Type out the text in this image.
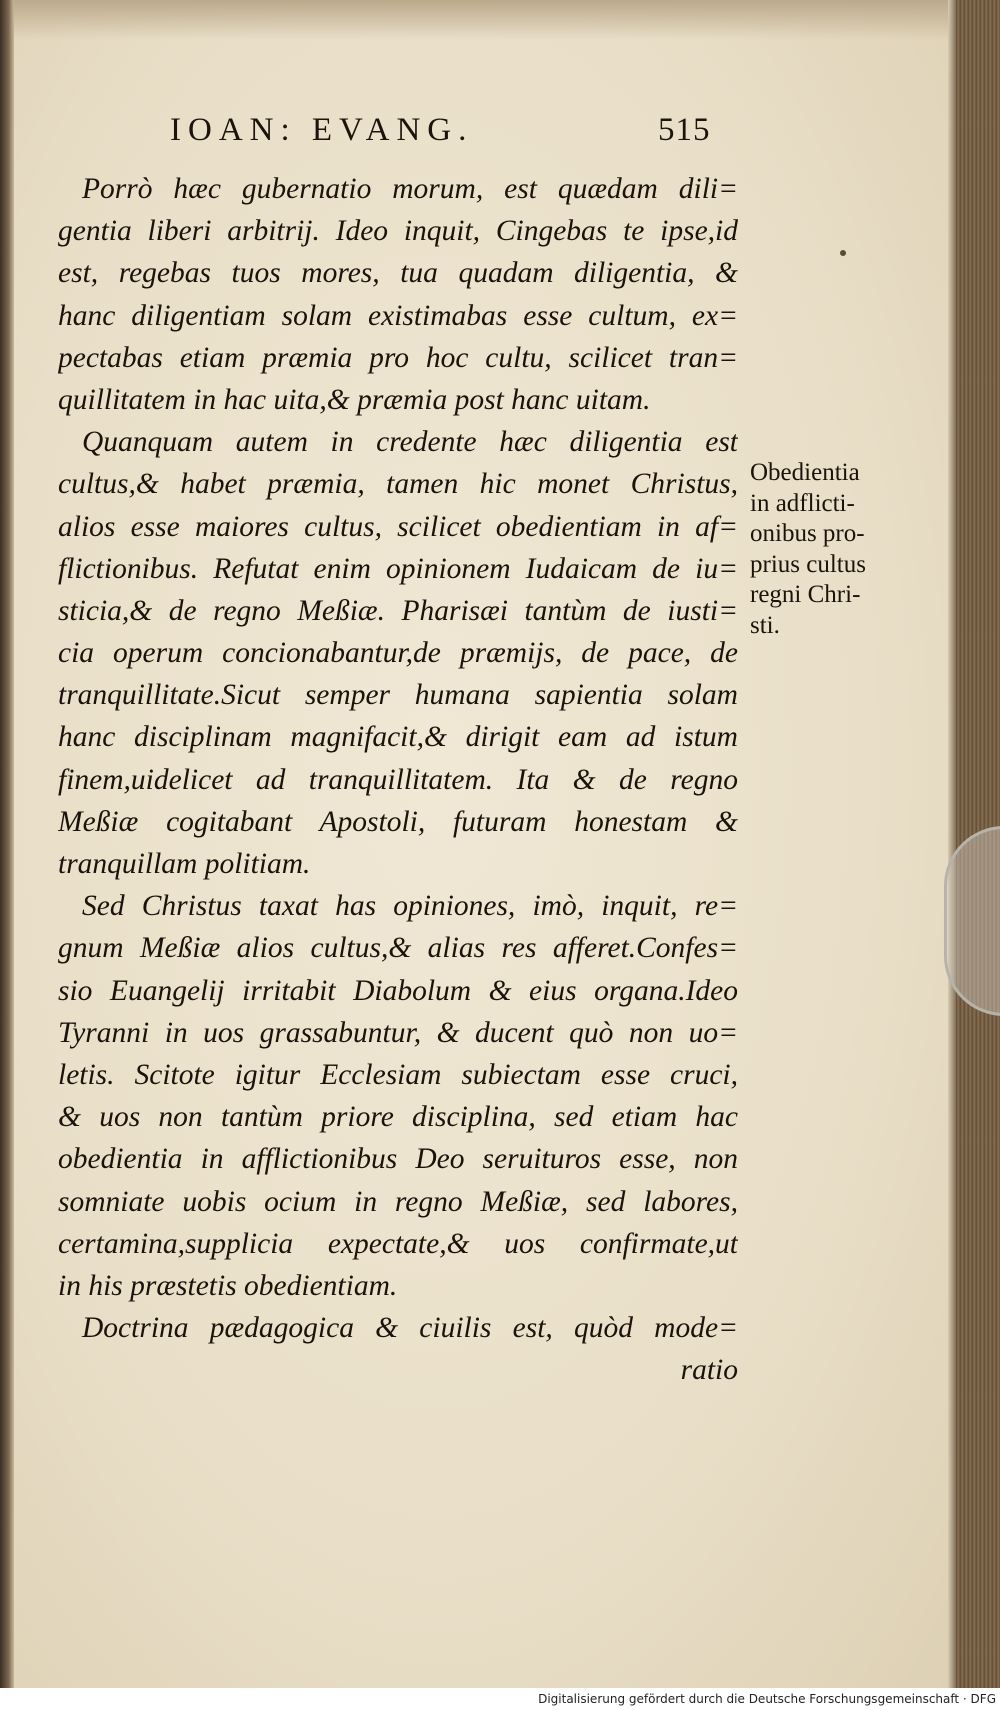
IOAN: EVANG.	515
Porrò hæc gubernatio morum, est quædam dili=
gentia liberi arbitrij. Ideo inquit, Cingebas te ipse,id
est, regebas tuos mores, tua quadam diligentia, &
hanc diligentiam solam existimabas esse cultum, ex=
pectabas etiam præmia pro hoc cultu, scilicet tran=
quillitatem in hac uita,& præmia post hanc uitam.
Quanquam autem in credente hæc diligentia est
cultus,& habet præmia, tamen hic monet Christus,
alios esse maiores cultus, scilicet obedientiam in af=
flictionibus. Refutat enim opinionem Iudaicam de iu=
sticia,& de regno Meßiæ. Pharisæi tantùm de iusti=
cia operum concionabantur,de præmijs, de pace, de
tranquillitate.Sicut semper humana sapientia solam
hanc disciplinam magnifacit,& dirigit eam ad istum
finem,uidelicet ad tranquillitatem. Ita & de regno
Meßiæ cogitabant Apostoli, futuram honestam &
tranquillam politiam.
Sed Christus taxat has opiniones, imò, inquit, re=
gnum Meßiæ alios cultus,& alias res afferet.Confes=
sio Euangelij irritabit Diabolum & eius organa.Ideo
Tyranni in uos grassabuntur, & ducent quò non uo=
letis. Scitote igitur Ecclesiam subiectam esse cruci,
& uos non tantùm priore disciplina, sed etiam hac
obedientia in afflictionibus Deo seruituros esse, non
somniate uobis ocium in regno Meßiæ, sed labores,
certamina,supplicia expectate,& uos confirmate,ut
in his præstetis obedientiam.
Doctrina pædagogica & ciuilis est, quòd mode=
ratio
Obedientia
in adflicti-
onibus pro-
prius cultus
regni Chri-
sti.
Digitalisierung gefördert durch die Deutsche Forschungsgemeinschaft · DFG
